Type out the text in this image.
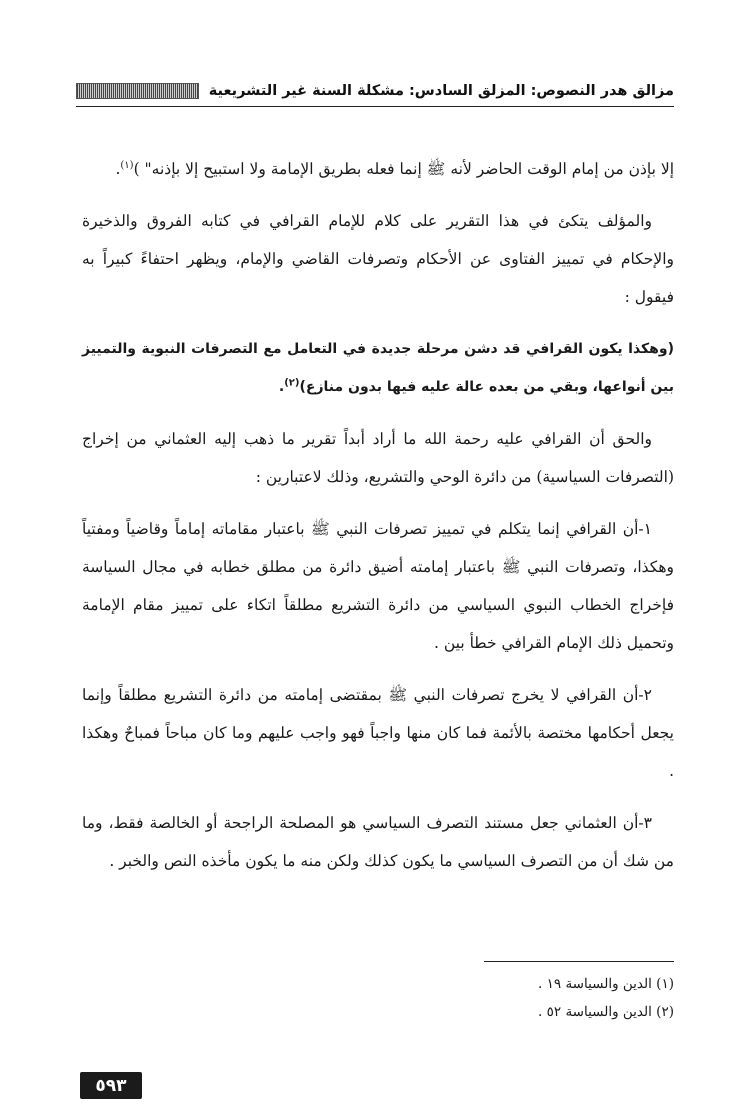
مزالق هدر النصوص: المزلق السادس: مشكلة السنة غير التشريعية

إلا بإذن من إمام الوقت الحاضر لأنه ﷺ إنما فعله بطريق الإمامة ولا استبيح إلا بإذنه" )$^{(١)}$.

والمؤلف يتكئ في هذا التقرير على كلام للإمام القرافي في كتابه الفروق والذخيرة والإحكام في تمييز الفتاوى عن الأحكام وتصرفات القاضي والإمام، ويظهر احتفاءً كبيراً به فيقول :

(وهكذا يكون القرافي قد دشن مرحلة جديدة في التعامل مع التصرفات النبوية والتمييز بين أنواعها، وبقي من بعده عالة عليه فيها بدون منازع)$^{(٢)}$.

والحق أن القرافي عليه رحمة الله ما أراد أبداً تقرير ما ذهب إليه العثماني من إخراج (التصرفات السياسية) من دائرة الوحي والتشريع، وذلك لاعتبارين :

١-أن القرافي إنما يتكلم في تمييز تصرفات النبي ﷺ باعتبار مقاماته إماماً وقاضياً ومفتياً وهكذا، وتصرفات النبي ﷺ باعتبار إمامته أضيق دائرة من مطلق خطابه في مجال السياسة فإخراج الخطاب النبوي السياسي من دائرة التشريع مطلقاً اتكاء على تمييز مقام الإمامة وتحميل ذلك الإمام القرافي خطأ بين .

٢-أن القرافي لا يخرج تصرفات النبي ﷺ بمقتضى إمامته من دائرة التشريع مطلقاً وإنما يجعل أحكامها مختصة بالأئمة فما كان منها واجباً فهو واجب عليهم وما كان مباحاً فمباحٌ وهكذا .

٣-أن العثماني جعل مستند التصرف السياسي هو المصلحة الراجحة أو الخالصة فقط، وما من شك أن من التصرف السياسي ما يكون كذلك ولكن منه ما يكون مأخذه النص والخبر .

(١) الدين والسياسة ١٩ .
(٢) الدين والسياسة ٥٢ .
٥٩٣
